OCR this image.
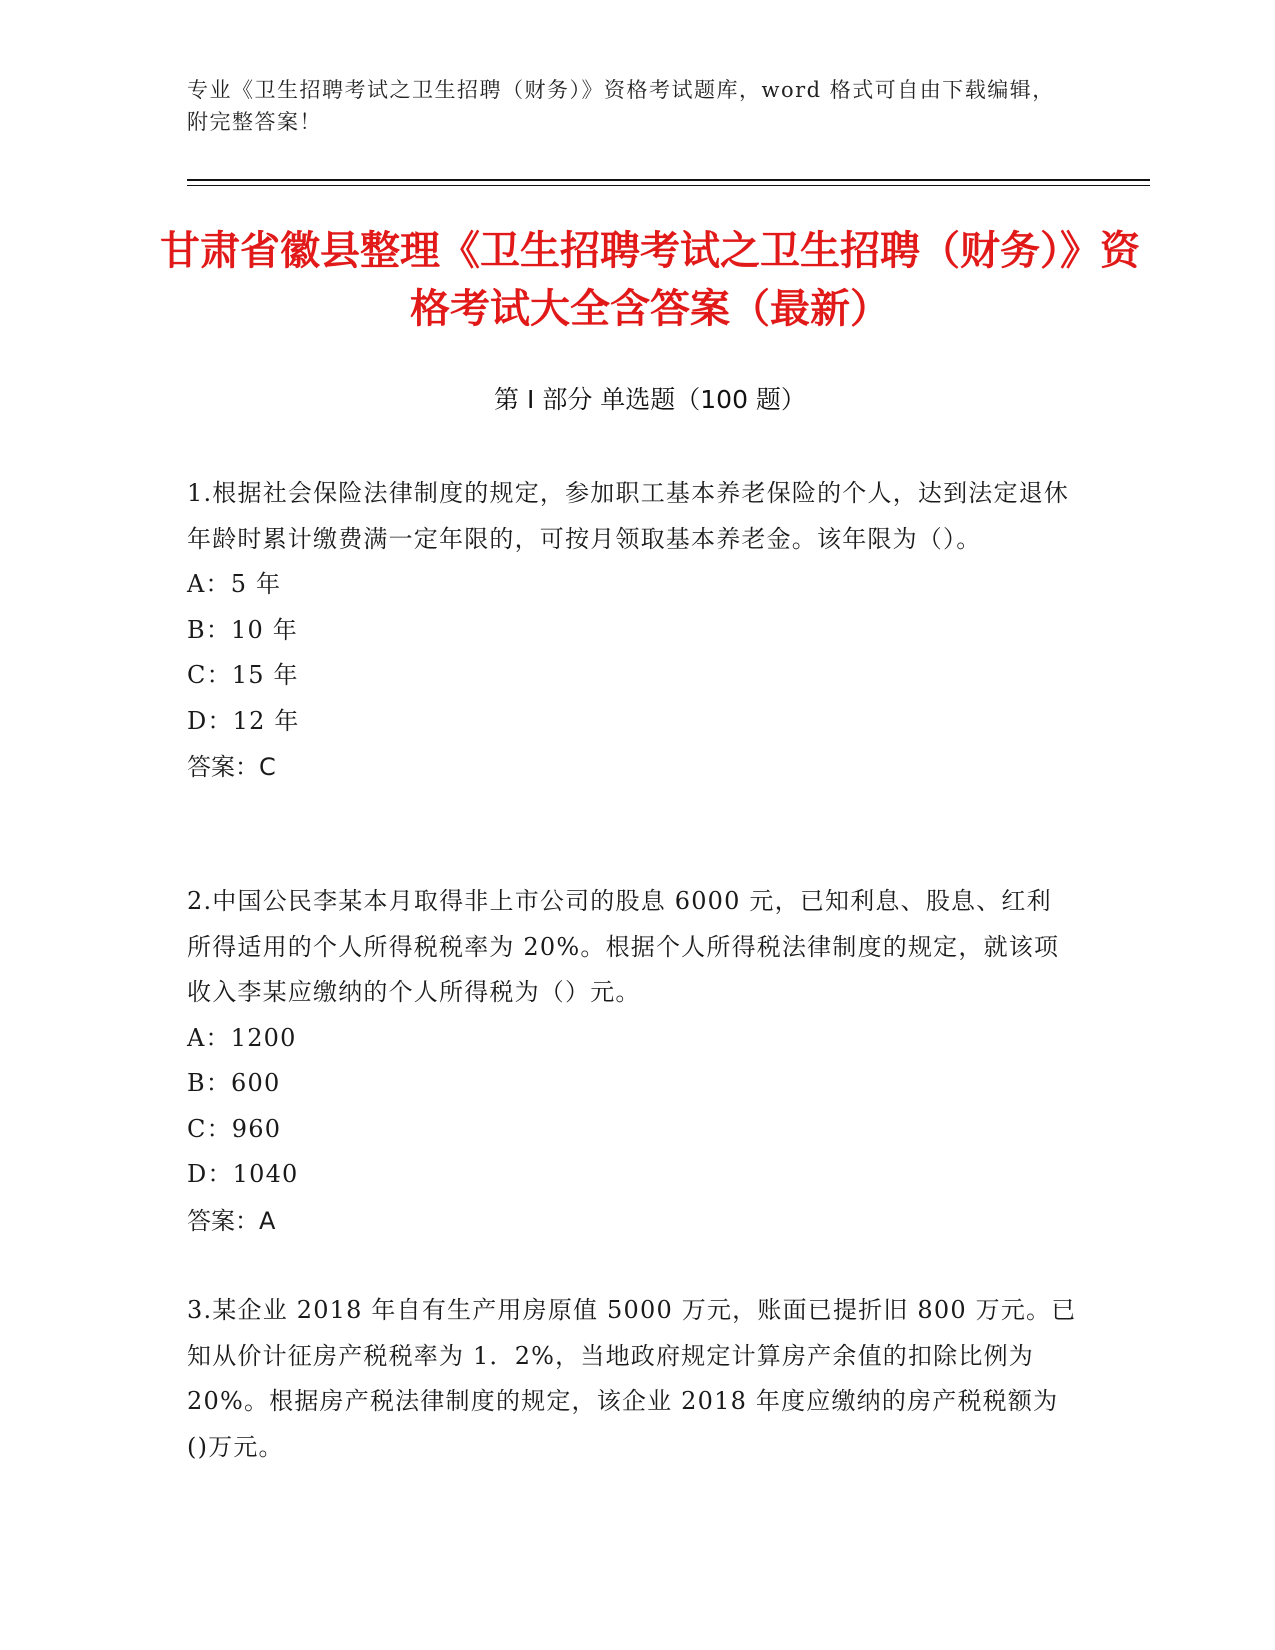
专业《卫生招聘考试之卫生招聘（财务）》资格考试题库，word 格式可自由下载编辑，附完整答案！
甘肃省徽县整理《卫生招聘考试之卫生招聘（财务）》资格考试大全含答案（最新）
第 I 部分 单选题（100 题）

1.根据社会保险法律制度的规定，参加职工基本养老保险的个人，达到法定退休年龄时累计缴费满一定年限的，可按月领取基本养老金。该年限为（）。

A：5 年

B：10 年

C：15 年

D：12 年

答案：C

2.中国公民李某本月取得非上市公司的股息 6000 元，已知利息、股息、红利所得适用的个人所得税税率为 20%。根据个人所得税法律制度的规定，就该项收入李某应缴纳的个人所得税为（）元。

A：1200

B：600

C：960

D：1040

答案：A

3.某企业 2018 年自有生产用房原值 5000 万元，账面已提折旧 800 万元。已知从价计征房产税税率为 1．2%，当地政府规定计算房产余值的扣除比例为 20%。根据房产税法律制度的规定，该企业 2018 年度应缴纳的房产税税额为()万元。
